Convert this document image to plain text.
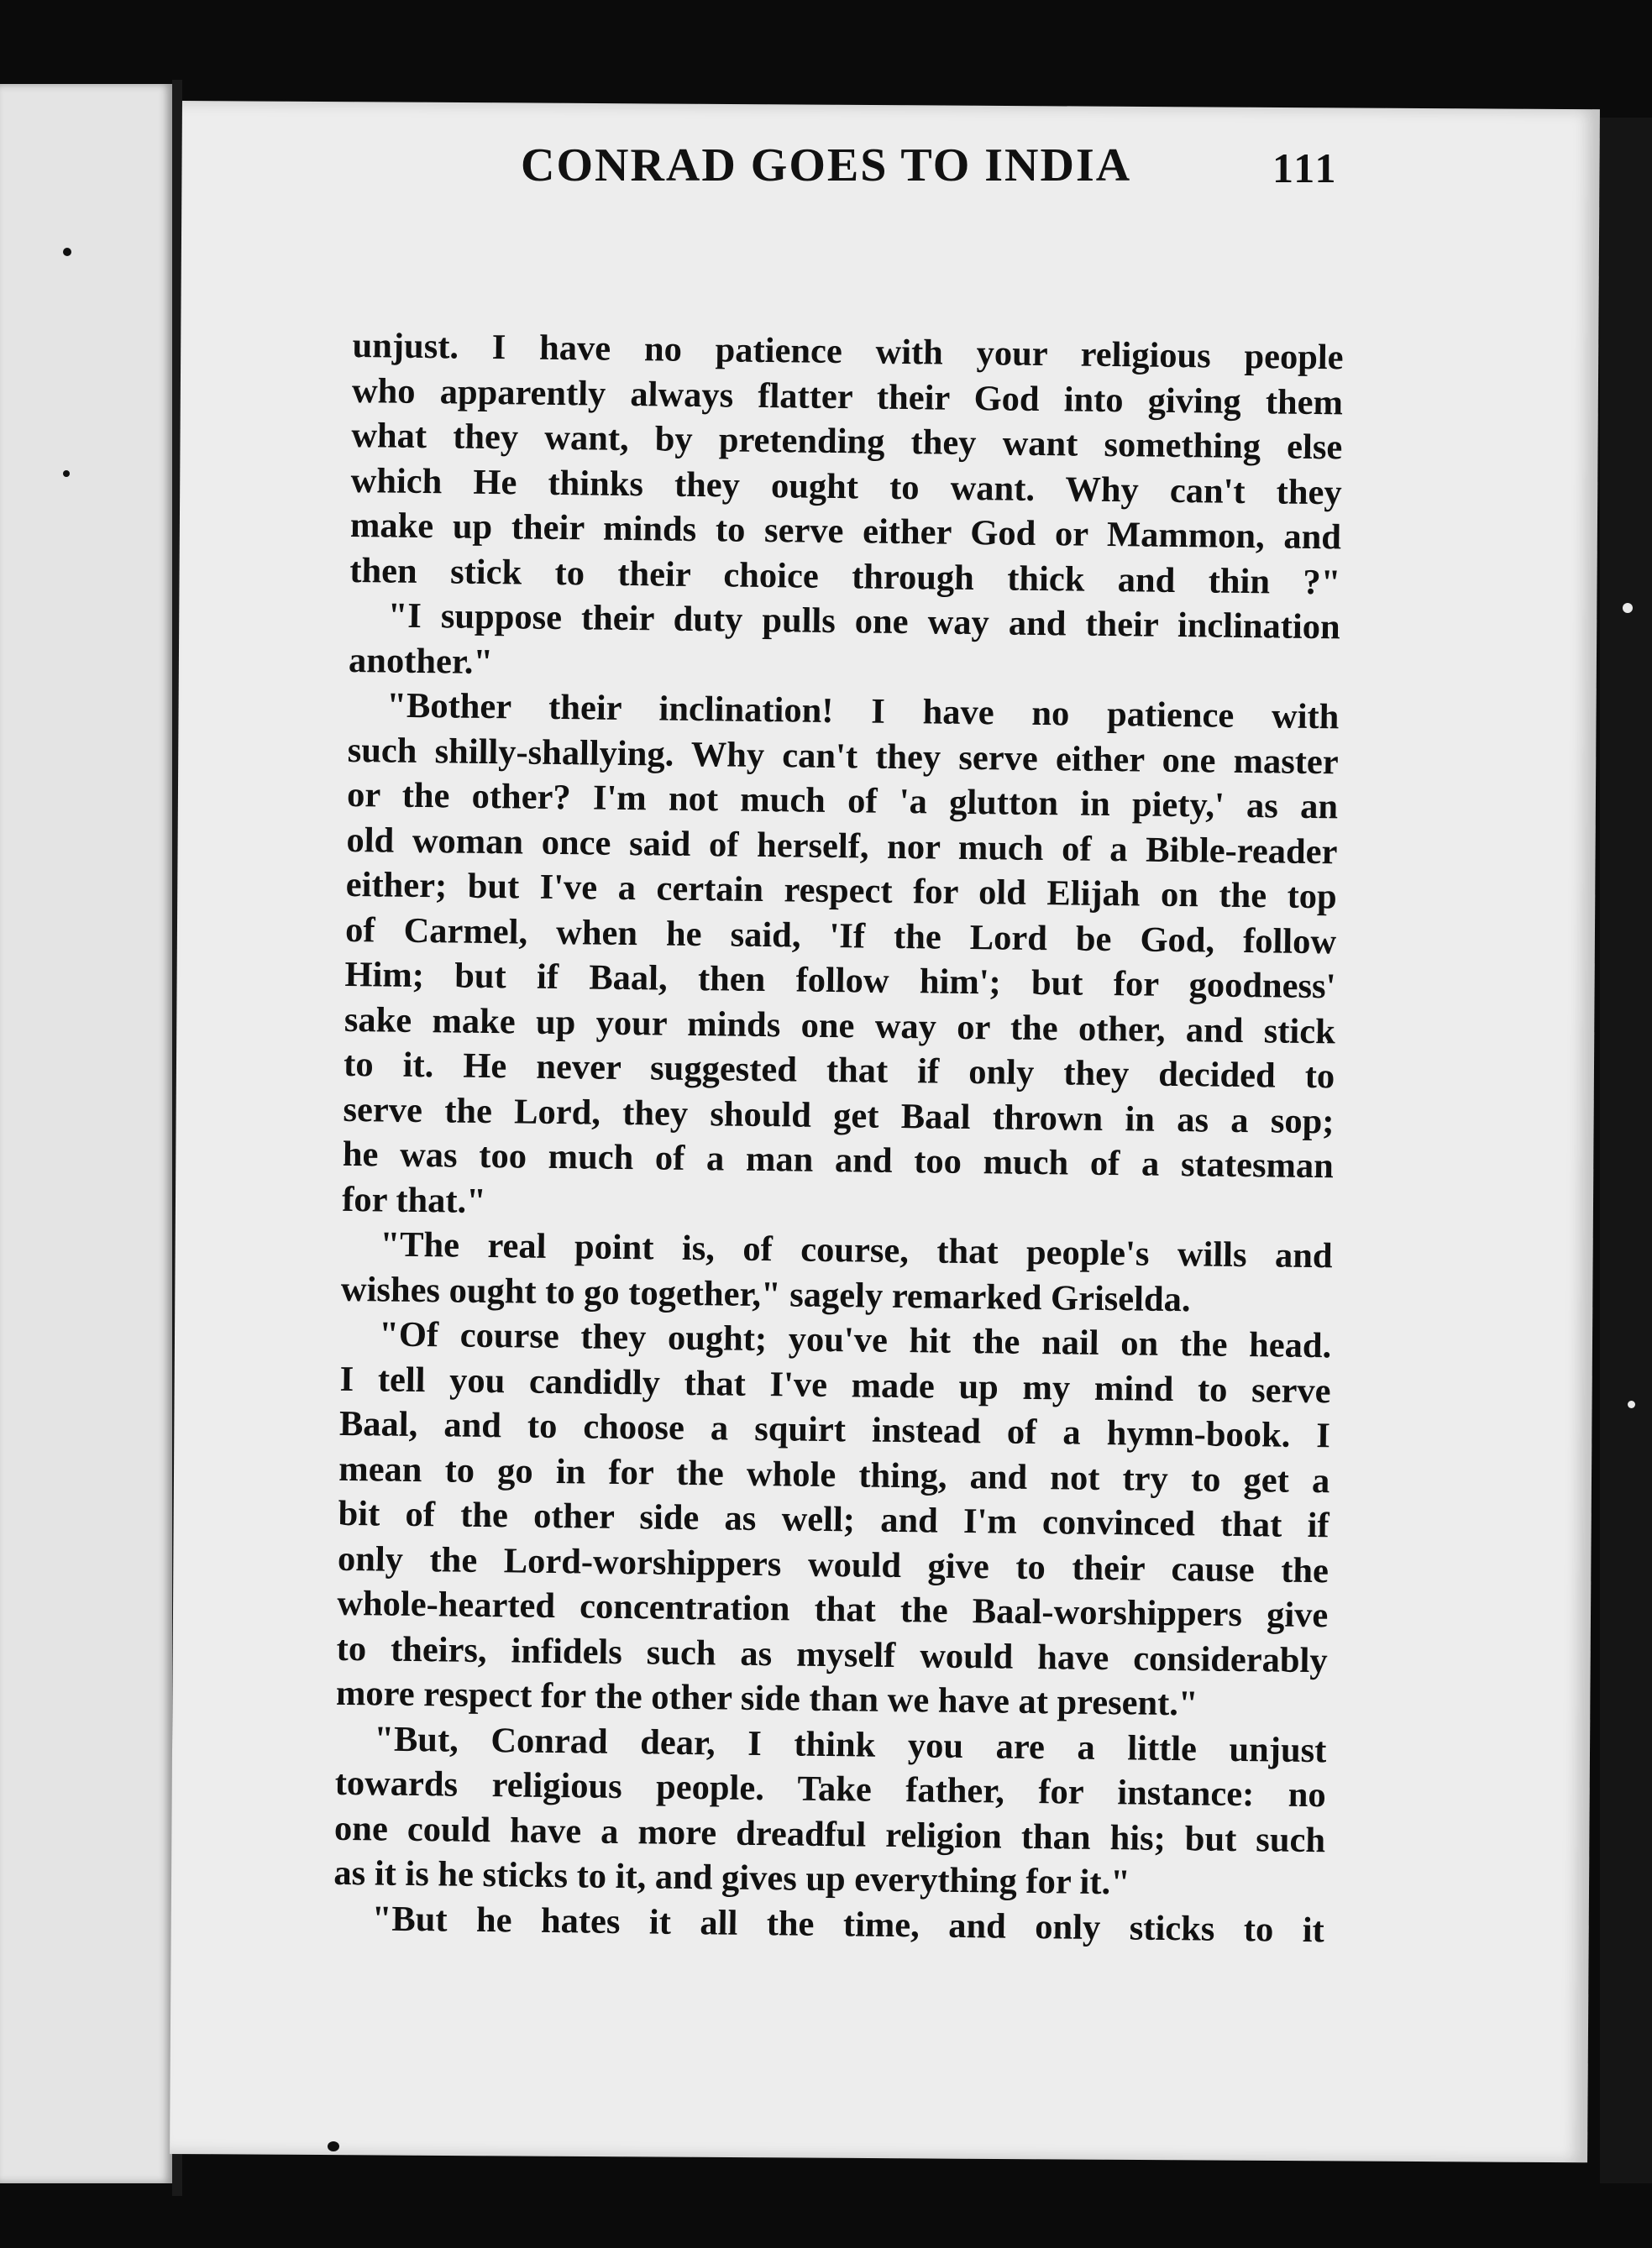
CONRAD GOES TO INDIA	111
unjust. I have no patience with your religious people
who apparently always flatter their God into giving them
what they want, by pretending they want something else
which He thinks they ought to want. Why can't they
make up their minds to serve either God or Mammon, and
then stick to their choice through thick and thin ?"
"I suppose their duty pulls one way and their inclination
another."
"Bother their inclination! I have no patience with
such shilly-shallying. Why can't they serve either one master
or the other? I'm not much of 'a glutton in piety,' as an
old woman once said of herself, nor much of a Bible-reader
either; but I've a certain respect for old Elijah on the top
of Carmel, when he said, 'If the Lord be God, follow
Him; but if Baal, then follow him'; but for goodness'
sake make up your minds one way or the other, and stick
to it. He never suggested that if only they decided to
serve the Lord, they should get Baal thrown in as a sop;
he was too much of a man and too much of a statesman
for that."
"The real point is, of course, that people's wills and
wishes ought to go together," sagely remarked Griselda.
"Of course they ought; you've hit the nail on the head.
I tell you candidly that I've made up my mind to serve
Baal, and to choose a squirt instead of a hymn-book. I
mean to go in for the whole thing, and not try to get a
bit of the other side as well; and I'm convinced that if
only the Lord-worshippers would give to their cause the
whole-hearted concentration that the Baal-worshippers give
to theirs, infidels such as myself would have considerably
more respect for the other side than we have at present."
"But, Conrad dear, I think you are a little unjust
towards religious people. Take father, for instance: no
one could have a more dreadful religion than his; but such
as it is he sticks to it, and gives up everything for it."
"But he hates it all the time, and only sticks to it
